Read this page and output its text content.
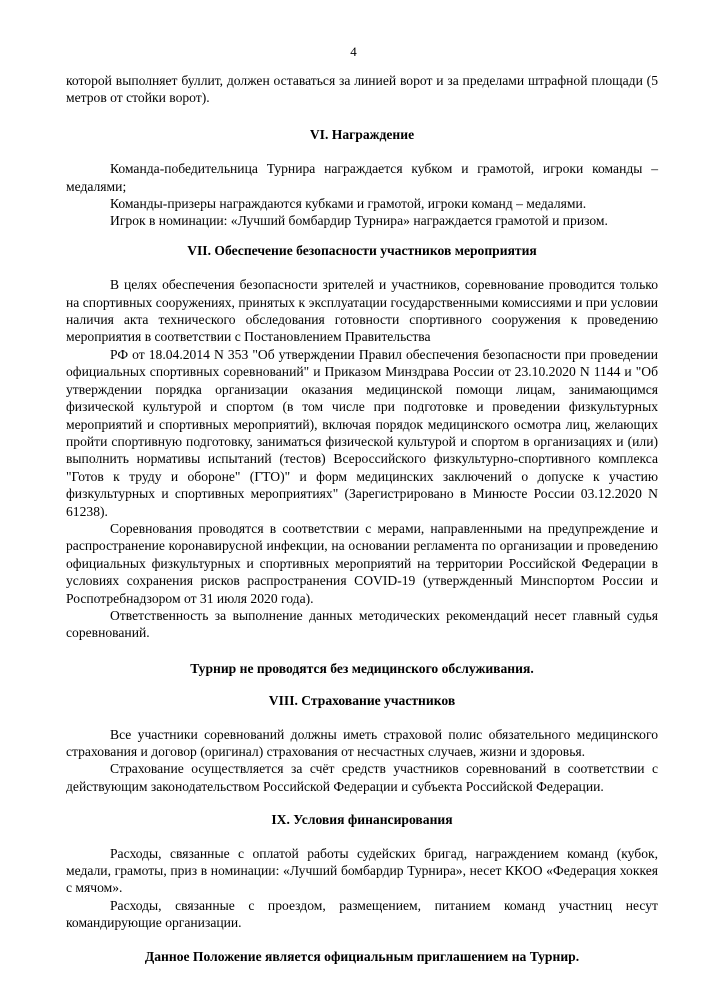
4

которой выполняет буллит, должен оставаться за линией ворот и за пределами штрафной площади (5 метров от стойки ворот).

VI. Награждение

Команда-победительница Турнира награждается кубком и грамотой, игроки команды – медалями;

Команды-призеры награждаются кубками и грамотой, игроки команд – медалями.

Игрок в номинации: «Лучший бомбардир Турнира» награждается грамотой и призом.

VII. Обеспечение безопасности участников мероприятия

В целях обеспечения безопасности зрителей и участников, соревнование проводится только на спортивных сооружениях, принятых к эксплуатации государственными комиссиями и при условии наличия акта технического обследования готовности спортивного сооружения к проведению мероприятия в соответствии с Постановлением Правительства

РФ от 18.04.2014 N 353 "Об утверждении Правил обеспечения безопасности при проведении официальных спортивных соревнований" и Приказом Минздрава России от 23.10.2020 N 1144 и "Об утверждении порядка организации оказания медицинской помощи лицам, занимающимся физической культурой и спортом (в том числе при подготовке и проведении физкультурных мероприятий и спортивных мероприятий), включая порядок медицинского осмотра лиц, желающих пройти спортивную подготовку, заниматься физической культурой и спортом в организациях и (или) выполнить нормативы испытаний (тестов) Всероссийского физкультурно-спортивного комплекса "Готов к труду и обороне" (ГТО)" и форм медицинских заключений о допуске к участию физкультурных и спортивных мероприятиях" (Зарегистрировано в Минюсте России 03.12.2020 N 61238).

Соревнования проводятся в соответствии с мерами, направленными на предупреждение и распространение коронавирусной инфекции, на основании регламента по организации и проведению официальных физкультурных и спортивных мероприятий на территории Российской Федерации в условиях сохранения рисков распространения COVID-19 (утвержденный Минспортом России и Роспотребнадзором от 31 июля 2020 года).

Ответственность за выполнение данных методических рекомендаций несет главный судья соревнований.

Турнир не проводятся без медицинского обслуживания.

VIII. Страхование участников

Все участники соревнований должны иметь страховой полис обязательного медицинского страхования и договор (оригинал) страхования от несчастных случаев, жизни и здоровья.

Страхование осуществляется за счёт средств участников соревнований в соответствии с действующим законодательством Российской Федерации и субъекта Российской Федерации.

IX. Условия финансирования

Расходы, связанные с оплатой работы судейских бригад, награждением команд (кубок, медали, грамоты, приз в номинации: «Лучший бомбардир Турнира», несет ККОО «Федерация хоккея с мячом».

Расходы, связанные с проездом, размещением, питанием команд участниц несут командирующие организации.

Данное Положение является официальным приглашением на Турнир.
